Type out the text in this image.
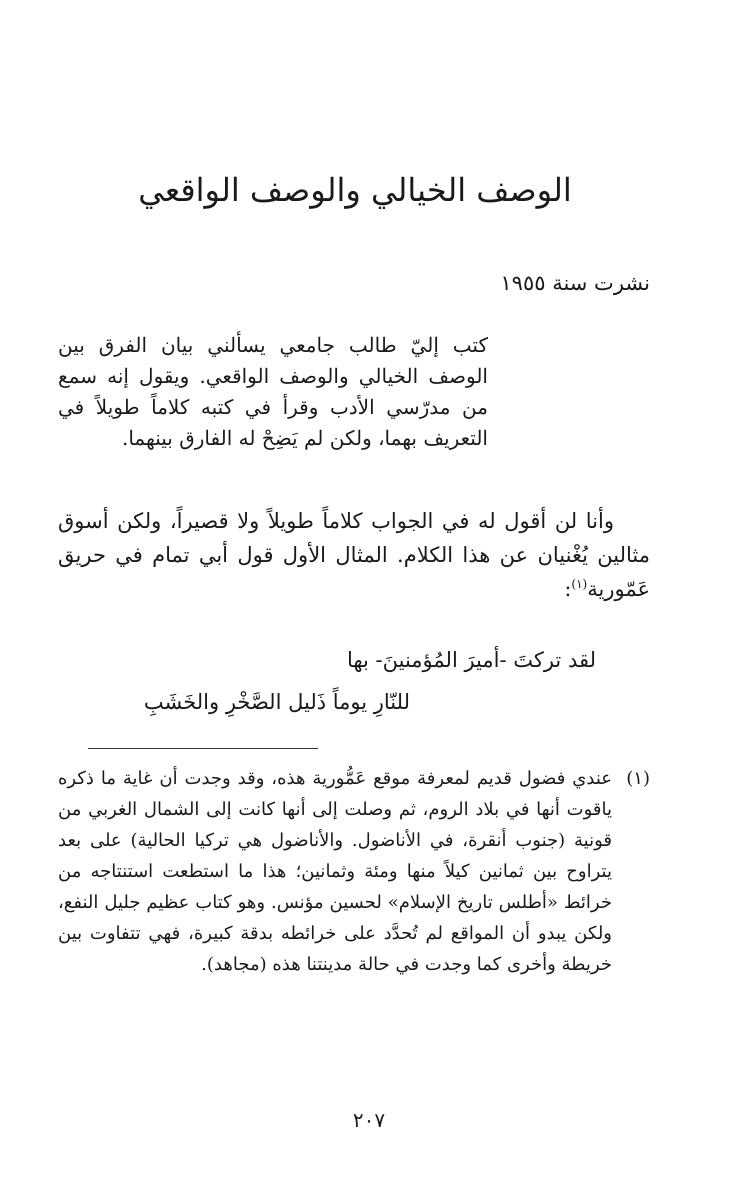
الوصف الخيالي والوصف الواقعي

نشرت سنة ١٩٥٥

كتب إليّ طالب جامعي يسألني بيان الفرق بين الوصف الخيالي والوصف الواقعي. ويقول إنه سمع من مدرّسي الأدب وقرأ في كتبه كلاماً طويلاً في التعريف بهما، ولكن لم يَضِحْ له الفارق بينهما.

وأنا لن أقول له في الجواب كلاماً طويلاً ولا قصيراً، ولكن أسوق مثالين يُغْنيان عن هذا الكلام. المثال الأول قول أبي تمام في حريق عَمّورية$^{(١)}$:

لقد تركتَ -أميرَ المُؤمنينَ- بها
للنّارِ يوماً ذَليل الصَّخْرِ والخَشَبِ
(١)
عندي فضول قديم لمعرفة موقع عَمُّورية هذه، وقد وجدت أن غاية ما ذكره ياقوت أنها في بلاد الروم، ثم وصلت إلى أنها كانت إلى الشمال الغربي من قونية (جنوب أنقرة، في الأناضول. والأناضول هي تركيا الحالية) على بعد يتراوح بين ثمانين كيلاً منها ومئة وثمانين؛ هذا ما استطعت استنتاجه من خرائط «أطلس تاريخ الإسلام» لحسين مؤنس. وهو كتاب عظيم جليل النفع، ولكن يبدو أن المواقع لم تُحدَّد على خرائطه بدقة كبيرة، فهي تتفاوت بين خريطة وأخرى كما وجدت في حالة مدينتنا هذه (مجاهد).
٢٠٧
